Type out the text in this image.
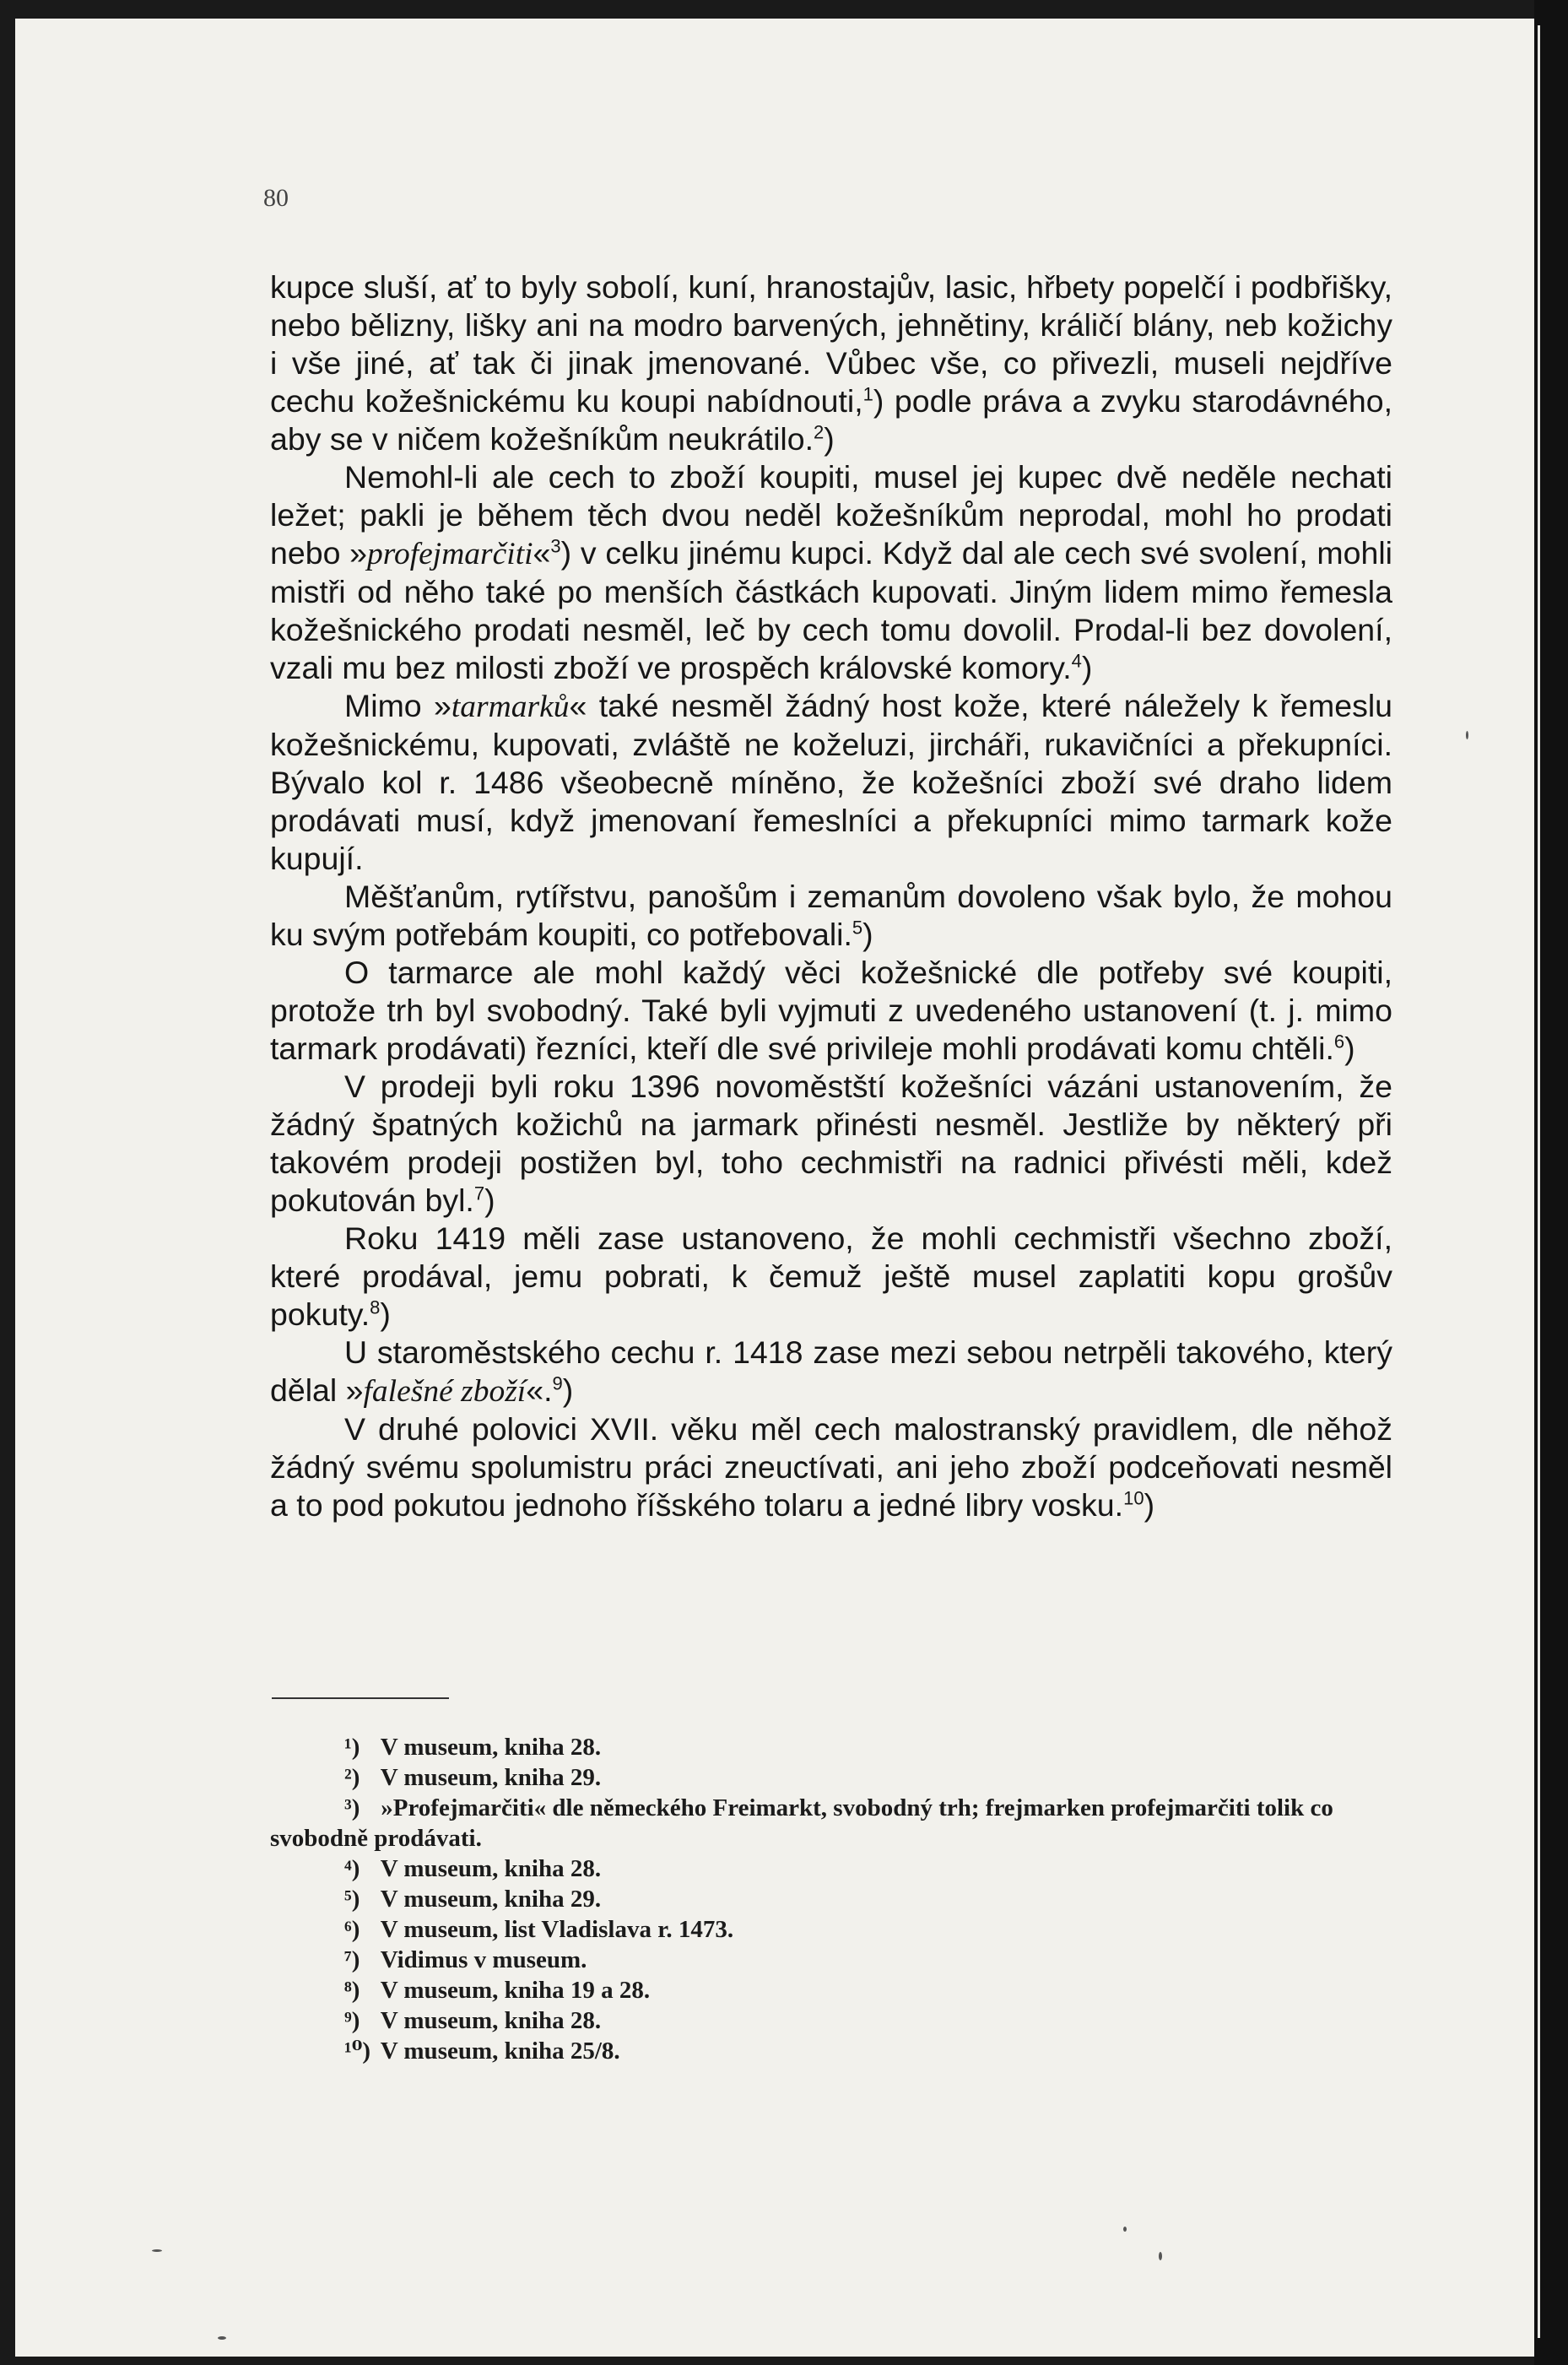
80

kupce sluší, ať to byly sobolí, kuní, hranostajův, lasic, hřbety popelčí i podbřišky, nebo bělizny, lišky ani na modro barvených, jehnětiny, králičí blány, neb kožichy i vše jiné, ať tak či jinak jmenované. Vůbec vše, co přivezli, museli nejdříve cechu kožešnickému ku koupi nabídnouti,$^1$) podle práva a zvyku starodávného, aby se v ničem kožešníkům neukrátilo.$^2$)

Nemohl-li ale cech to zboží koupiti, musel jej kupec dvě neděle nechati ležet; pakli je během těch dvou neděl kožešníkům neprodal, mohl ho prodati nebo »profejmarčiti«$^3$) v celku jinému kupci. Když dal ale cech své svolení, mohli mistři od něho také po menších částkách kupovati. Jiným lidem mimo řemesla kožešnického prodati nesměl, leč by cech tomu dovolil. Prodal-li bez dovolení, vzali mu bez milosti zboží ve prospěch královské komory.$^4$)

Mimo »tarmarků« také nesměl žádný host kože, které náležely k řemeslu kožešnickému, kupovati, zvláště ne koželuzi, jircháři, rukavičníci a překupníci. Bývalo kol r. 1486 všeobecně míněno, že kožešníci zboží své draho lidem prodávati musí, když jmenovaní řemeslníci a překupníci mimo tarmark kože kupují.

Měšťanům, rytířstvu, panošům i zemanům dovoleno však bylo, že mohou ku svým potřebám koupiti, co potřebovali.$^5$)

O tarmarce ale mohl každý věci kožešnické dle potřeby své koupiti, protože trh byl svobodný. Také byli vyjmuti z uvedeného ustanovení (t. j. mimo tarmark prodávati) řezníci, kteří dle své privileje mohli prodávati komu chtěli.$^6$)

V prodeji byli roku 1396 novoměstští kožešníci vázáni ustanovením, že žádný špatných kožichů na jarmark přinésti nesměl. Jestliže by některý při takovém prodeji postižen byl, toho cechmistři na radnici přivésti měli, kdež pokutován byl.$^7$)

Roku 1419 měli zase ustanoveno, že mohli cechmistři všechno zboží, které prodával, jemu pobrati, k čemuž ještě musel zaplatiti kopu grošův pokuty.$^8$)

U staroměstského cechu r. 1418 zase mezi sebou netrpěli takového, který dělal »falešné zboží«.$^9$)

V druhé polovici XVII. věku měl cech malostranský pravidlem, dle něhož žádný svému spolumistru práci zneuctívati, ani jeho zboží podceňovati nesměl a to pod pokutou jednoho říšského tolaru a jedné libry vosku.$^{10}$)

¹) V museum, kniha 28.
²) V museum, kniha 29.
³) »Profejmarčiti« dle německého Freimarkt, svobodný trh; frejmarken profejmarčiti tolik co svobodně prodávati.
⁴) V museum, kniha 28.
⁵) V museum, kniha 29.
⁶) V museum, list Vladislava r. 1473.
⁷) Vidimus v museum.
⁸) V museum, kniha 19 a 28.
⁹) V museum, kniha 28.
¹⁰) V museum, kniha 25/8.
